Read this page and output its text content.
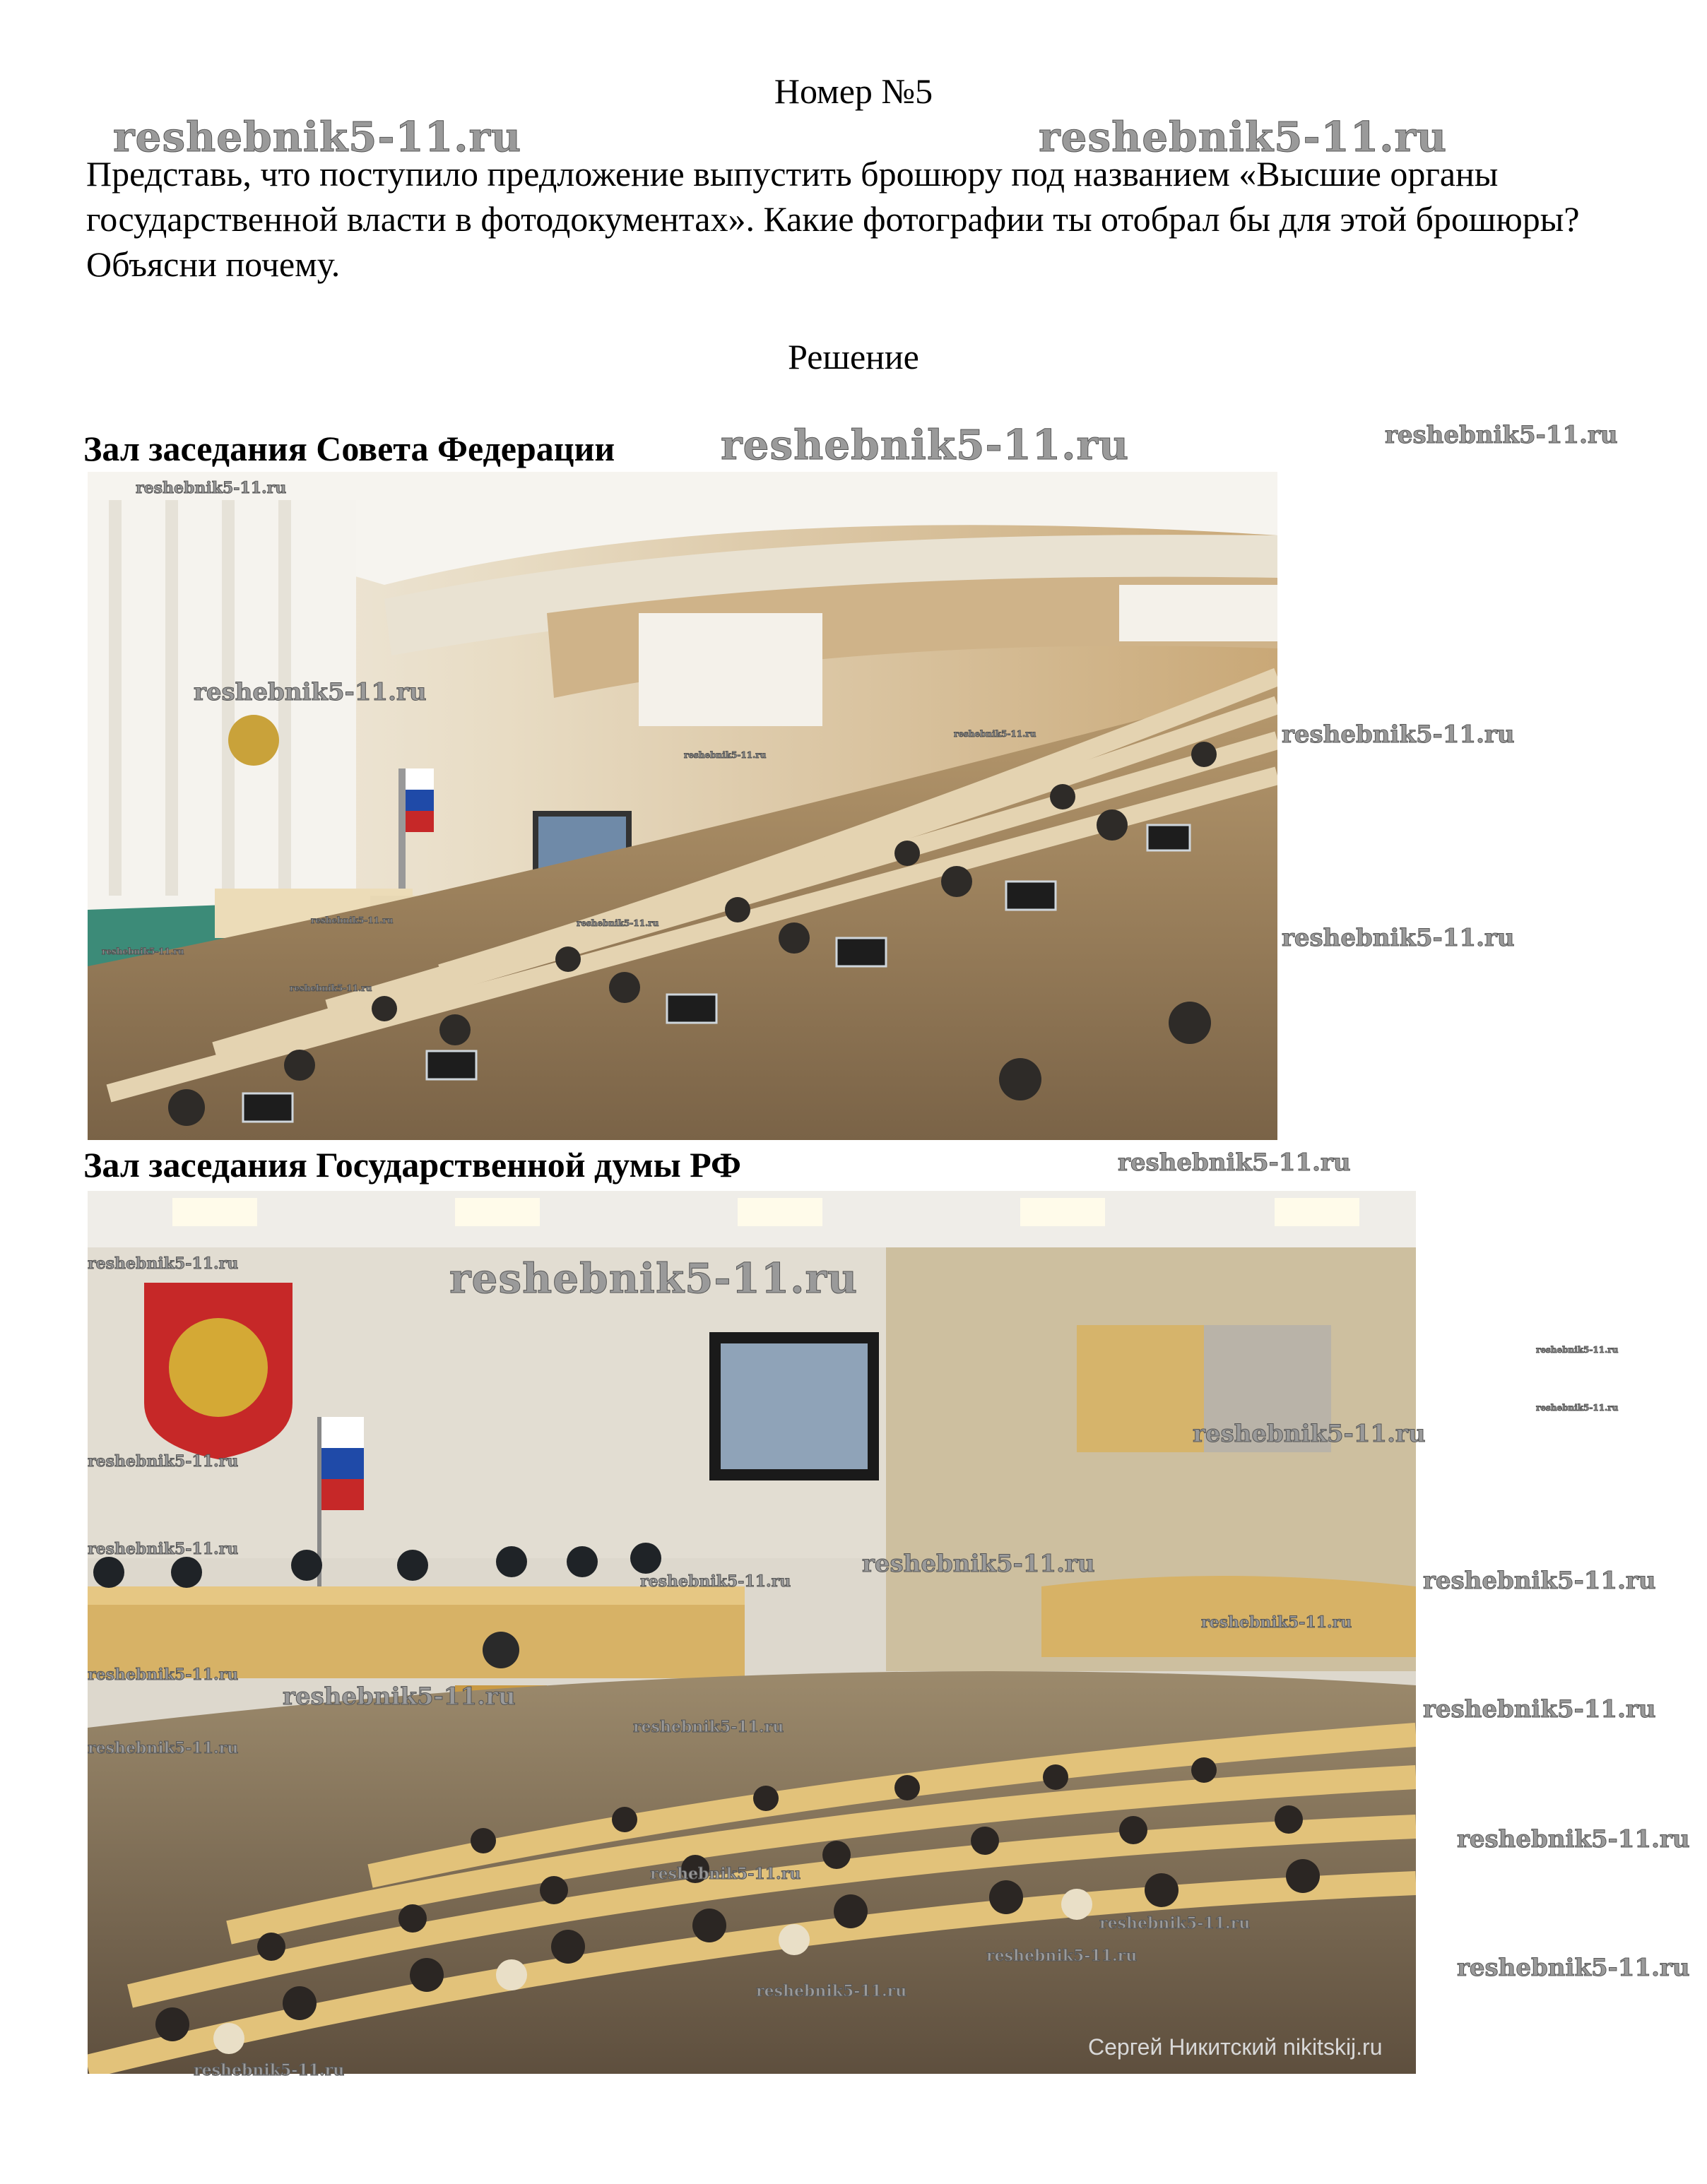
Номер №5
reshebnik5-11.ru	reshebnik5-11.ru
Представь, что поступило предложение выпустить брошюру под названием «Высшие органы государственной власти в фотодокументах». Какие фотографии ты отобрал бы для этой брошюры? Объясни почему.
Решение
Зал заседания Совета Федерации	reshebnik5-11.ru	reshebnik5-11.ru
reshebnik5-11.ru
reshebnik5-11.ru
reshebnik5-11.ru
reshebnik5-11.ru
reshebnik5-11.ru
reshebnik5-11.ru
reshebnik5-11.ru	reshebnik5-11.ru
reshebnik5-11.ru
reshebnik5-11.ru
Зал заседания Государственной думы РФ	reshebnik5-11.ru
Сергей Никитский nikitskij.ru
reshebnik5-11.ru	reshebnik5-11.ru
reshebnik5-11.ru
reshebnik5-11.ru
reshebnik5-11.ru
reshebnik5-11.ru
reshebnik5-11.ru
reshebnik5-11.ru
reshebnik5-11.ru	reshebnik5-11.ru
reshebnik5-11.ru
reshebnik5-11.ru
reshebnik5-11.ru
reshebnik5-11.ru
reshebnik5-11.ru
reshebnik5-11.ru
reshebnik5-11.ru
reshebnik5-11.ru
reshebnik5-11.ru
reshebnik5-11.ru
reshebnik5-11.ru
reshebnik5-11.ru
reshebnik5-11.ru
